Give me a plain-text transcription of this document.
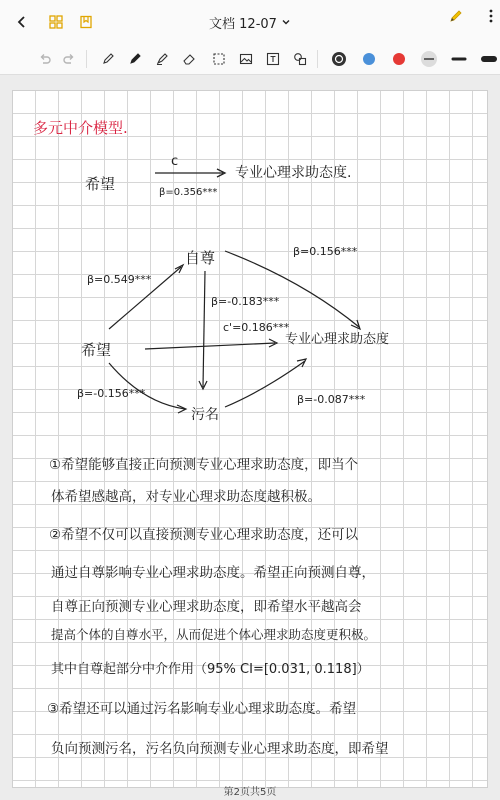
文档 12-07
多元中介模型.
希望
c
β=0.356***
专业心理求助态度.
自尊
希望
污名
专业心理求助态度
β=0.549***
β=0.156***
β=-0.183***
c'=0.186***
β=-0.156***	β=-0.087***
①希望能够直接正向预测专业心理求助态度，即当个
体希望感越高，对专业心理求助态度越积极。
②希望不仅可以直接预测专业心理求助态度，还可以
通过自尊影响专业心理求助态度。希望正向预测自尊，
自尊正向预测专业心理求助态度，即希望水平越高会
提高个体的自尊水平，从而促进个体心理求助态度更积极。
其中自尊起部分中介作用（95% CI=[0.031, 0.118]）
③希望还可以通过污名影响专业心理求助态度。希望
负向预测污名，污名负向预测专业心理求助态度，即希望
第2页共5页
